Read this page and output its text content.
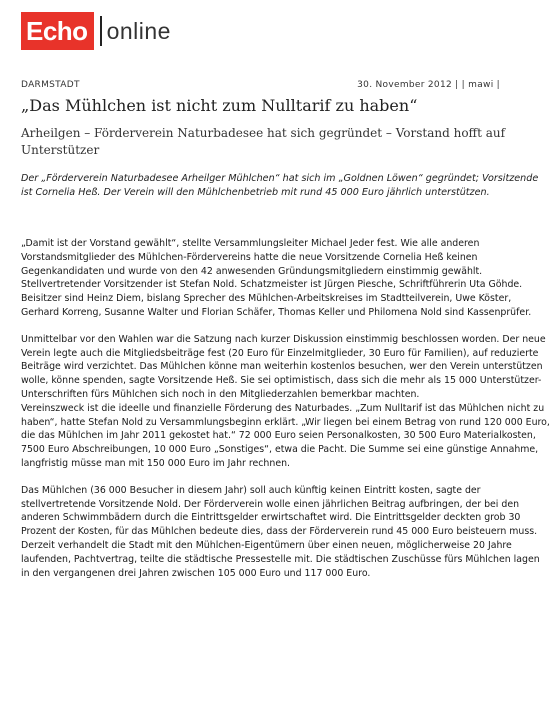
Echo online
DARMSTADT	30. November 2012 | | mawi |
„Das Mühlchen ist nicht zum Nulltarif zu haben“

Arheilgen – Förderverein Naturbadesee hat sich gegründet – Vorstand hofft auf Unterstützer

Der „Förderverein Naturbadesee Arheilger Mühlchen“ hat sich im „Goldnen Löwen“ gegründet; Vorsitzende ist Cornelia Heß. Der Verein will den Mühlchenbetrieb mit rund 45 000 Euro jährlich unterstützen.

„Damit ist der Vorstand gewählt“, stellte Versammlungsleiter Michael Jeder fest. Wie alle anderen Vorstandsmitglieder des Mühlchen-Fördervereins hatte die neue Vorsitzende Cornelia Heß keinen Gegenkandidaten und wurde von den 42 anwesenden Gründungsmitgliedern einstimmig gewählt.

Stellvertretender Vorsitzender ist Stefan Nold. Schatzmeister ist Jürgen Piesche, Schriftführerin Uta Göhde. Beisitzer sind Heinz Diem, bislang Sprecher des Mühlchen-Arbeitskreises im Stadtteilverein, Uwe Köster, Gerhard Korreng, Susanne Walter und Florian Schäfer, Thomas Keller und Philomena Nold sind Kassenprüfer.

Unmittelbar vor den Wahlen war die Satzung nach kurzer Diskussion einstimmig beschlossen worden. Der neue Verein legte auch die Mitgliedsbeiträge fest (20 Euro für Einzelmitglieder, 30 Euro für Familien), auf reduzierte Beiträge wird verzichtet. Das Mühlchen könne man weiterhin kostenlos besuchen, wer den Verein unterstützen wolle, könne spenden, sagte Vorsitzende Heß. Sie sei optimistisch, dass sich die mehr als 15 000 Unterstützer-Unterschriften fürs Mühlchen sich noch in den Mitgliederzahlen bemerkbar machten.

Vereinszweck ist die ideelle und finanzielle Förderung des Naturbades. „Zum Nulltarif ist das Mühlchen nicht zu haben“, hatte Stefan Nold zu Versammlungsbeginn erklärt. „Wir liegen bei einem Betrag von rund 120 000 Euro, die das Mühlchen im Jahr 2011 gekostet hat.“ 72 000 Euro seien Personalkosten, 30 500 Euro Materialkosten, 7500 Euro Abschreibungen, 10 000 Euro „Sonstiges“, etwa die Pacht. Die Summe sei eine günstige Annahme, langfristig müsse man mit 150 000 Euro im Jahr rechnen.

Das Mühlchen (36 000 Besucher in diesem Jahr) soll auch künftig keinen Eintritt kosten, sagte der stellvertretende Vorsitzende Nold. Der Förderverein wolle einen jährlichen Beitrag aufbringen, der bei den anderen Schwimmbädern durch die Eintrittsgelder erwirtschaftet wird. Die Eintrittsgelder deckten grob 30 Prozent der Kosten, für das Mühlchen bedeute dies, dass der Förderverein rund 45 000 Euro beisteuern muss.

Derzeit verhandelt die Stadt mit den Mühlchen-Eigentümern über einen neuen, möglicherweise 20 Jahre laufenden, Pachtvertrag, teilte die städtische Pressestelle mit. Die städtischen Zuschüsse fürs Mühlchen lagen in den vergangenen drei Jahren zwischen 105 000 Euro und 117 000 Euro.
